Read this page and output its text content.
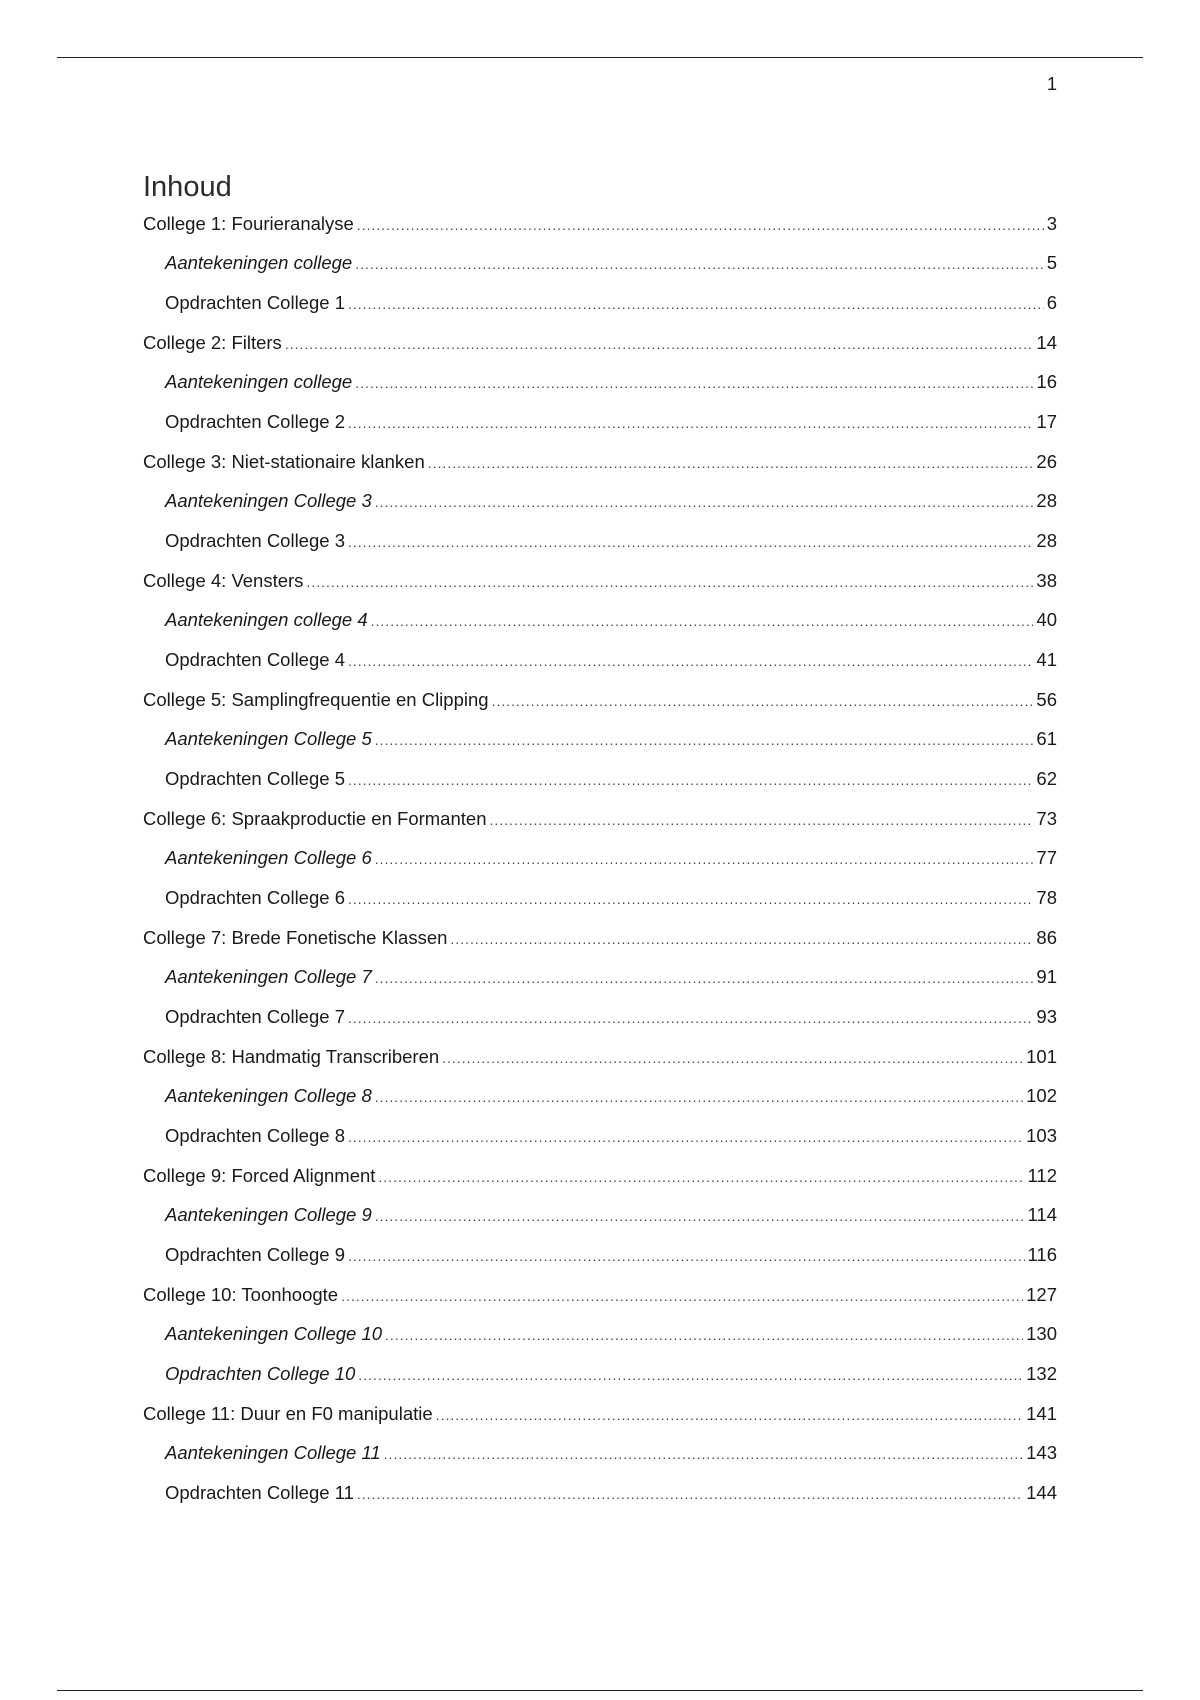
1
Inhoud
College 1: Fourieranalyse .....	3
Aantekeningen college .....	5
Opdrachten College 1 .....	6
College 2: Filters .....	14
Aantekeningen college .....	16
Opdrachten College 2 .....	17
College 3: Niet-stationaire klanken .....	26
Aantekeningen College 3 .....	28
Opdrachten College 3 .....	28
College 4: Vensters .....	38
Aantekeningen college 4 .....	40
Opdrachten College 4 .....	41
College 5: Samplingfrequentie en Clipping .....	56
Aantekeningen College 5 .....	61
Opdrachten College 5 .....	62
College 6: Spraakproductie en Formanten .....	73
Aantekeningen College 6 .....	77
Opdrachten College 6 .....	78
College 7: Brede Fonetische Klassen .....	86
Aantekeningen College 7 .....	91
Opdrachten College 7 .....	93
College 8: Handmatig Transcriberen .....	101
Aantekeningen College 8 .....	102
Opdrachten College 8 .....	103
College 9: Forced Alignment .....	112
Aantekeningen College 9 .....	114
Opdrachten College 9 .....	116
College 10: Toonhoogte .....	127
Aantekeningen College 10 .....	130
Opdrachten College 10 .....	132
College 11: Duur en F0 manipulatie .....	141
Aantekeningen College 11 .....	143
Opdrachten College 11 .....	144
